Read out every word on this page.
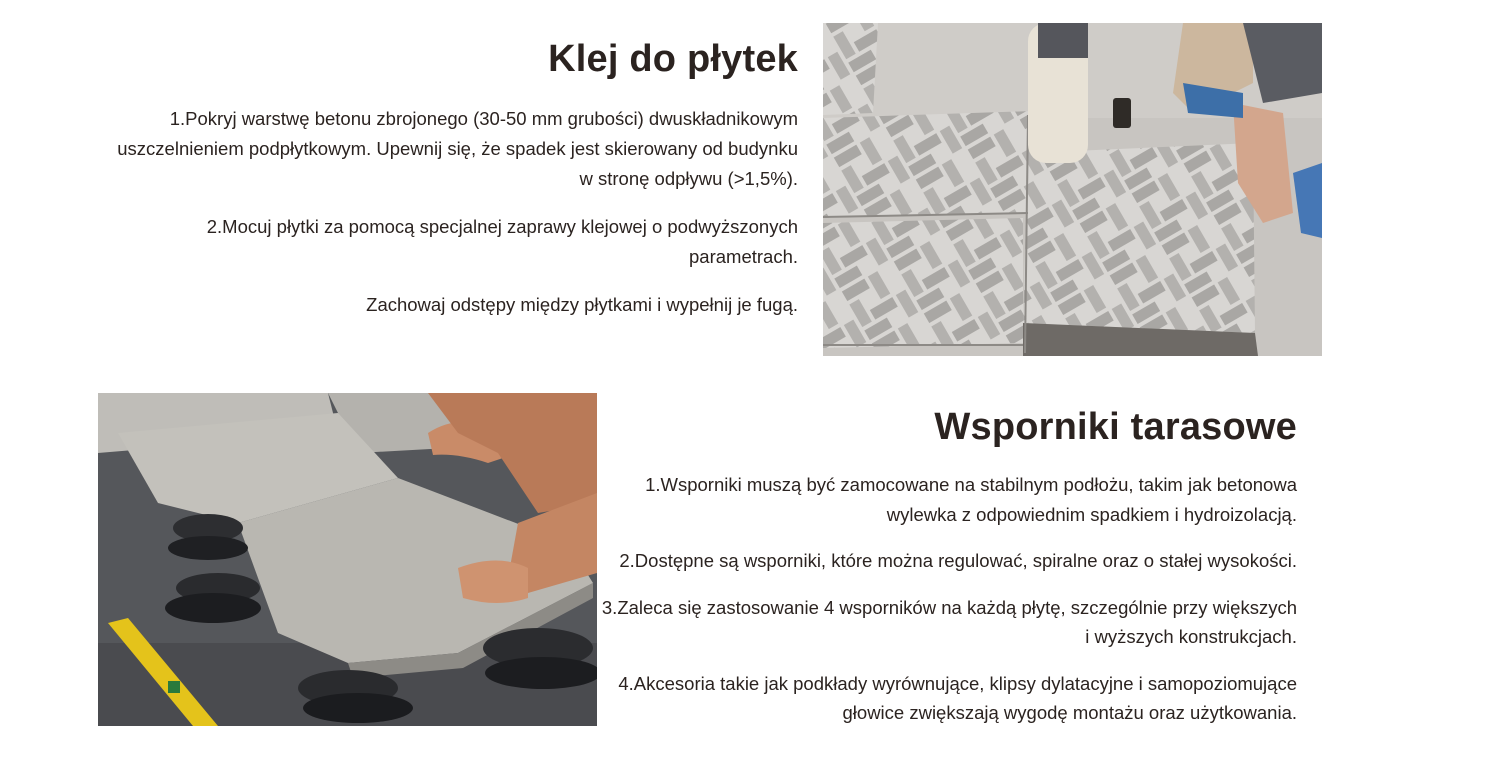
Klej do płytek

1.Pokryj warstwę betonu zbrojonego (30-50 mm grubości) dwuskładnikowym uszczelnieniem podpłytkowym. Upewnij się, że spadek jest skierowany od budynku w stronę odpływu (>1,5%).

2.Mocuj płytki za pomocą specjalnej zaprawy klejowej o podwyższonych parametrach.

Zachowaj odstępy między płytkami i wypełnij je fugą.

Wsporniki tarasowe

1.Wsporniki muszą być zamocowane na stabilnym podłożu, takim jak betonowa wylewka z odpowiednim spadkiem i hydroizolacją.

2.Dostępne są wsporniki, które można regulować, spiralne oraz o stałej wysokości.

3.Zaleca się zastosowanie 4 wsporników na każdą płytę, szczególnie przy większych i wyższych konstrukcjach.

4.Akcesoria takie jak podkłady wyrównujące, klipsy dylatacyjne i samopoziomujące głowice zwiększają wygodę montażu oraz użytkowania.
